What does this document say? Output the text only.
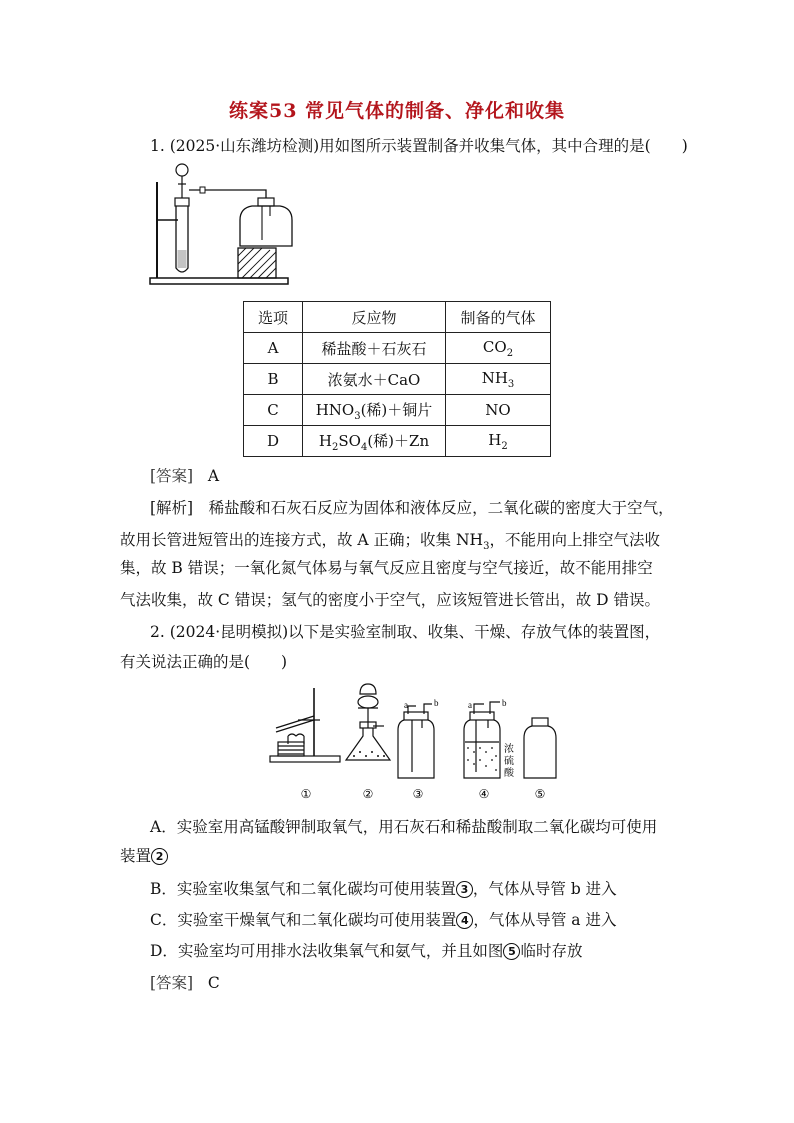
练案53 常见气体的制备、净化和收集
1. (2025·山东潍坊检测)用如图所示装置制备并收集气体，其中合理的是(　　)
选项	反应物	制备的气体
A	稀盐酸＋石灰石	$CO_2$
B	浓氨水＋CaO	$NH_3$
C	$HNO_3$(稀)＋铜片	NO
D	$H_2SO_4$(稀)＋Zn	$H_2$
[答案] A
[解析]　稀盐酸和石灰石反应为固体和液体反应，二氧化碳的密度大于空气，
故用长管进短管出的连接方式，故 A 正确；收集 $NH_3$，不能用向上排空气法收
集，故 B 错误；一氧化氮气体易与氧气反应且密度与空气接近，故不能用排空
气法收集，故 C 错误；氢气的密度小于空气，应该短管进长管出，故 D 错误。
2. (2024·昆明模拟)以下是实验室制取、收集、干燥、存放气体的装置图，
有关说法正确的是(　　)
①	②
a	b
③
a	b
浓
硫
酸
④	⑤
A．实验室用高锰酸钾制取氧气，用石灰石和稀盐酸制取二氧化碳均可使用
装置 2
B．实验室收集氢气和二氧化碳均可使用装置 3 ，气体从导管 b 进入
C．实验室干燥氧气和二氧化碳均可使用装置 4 ，气体从导管 a 进入
D．实验室均可用排水法收集氧气和氨气，并且如图 5 临时存放
[答案] C
